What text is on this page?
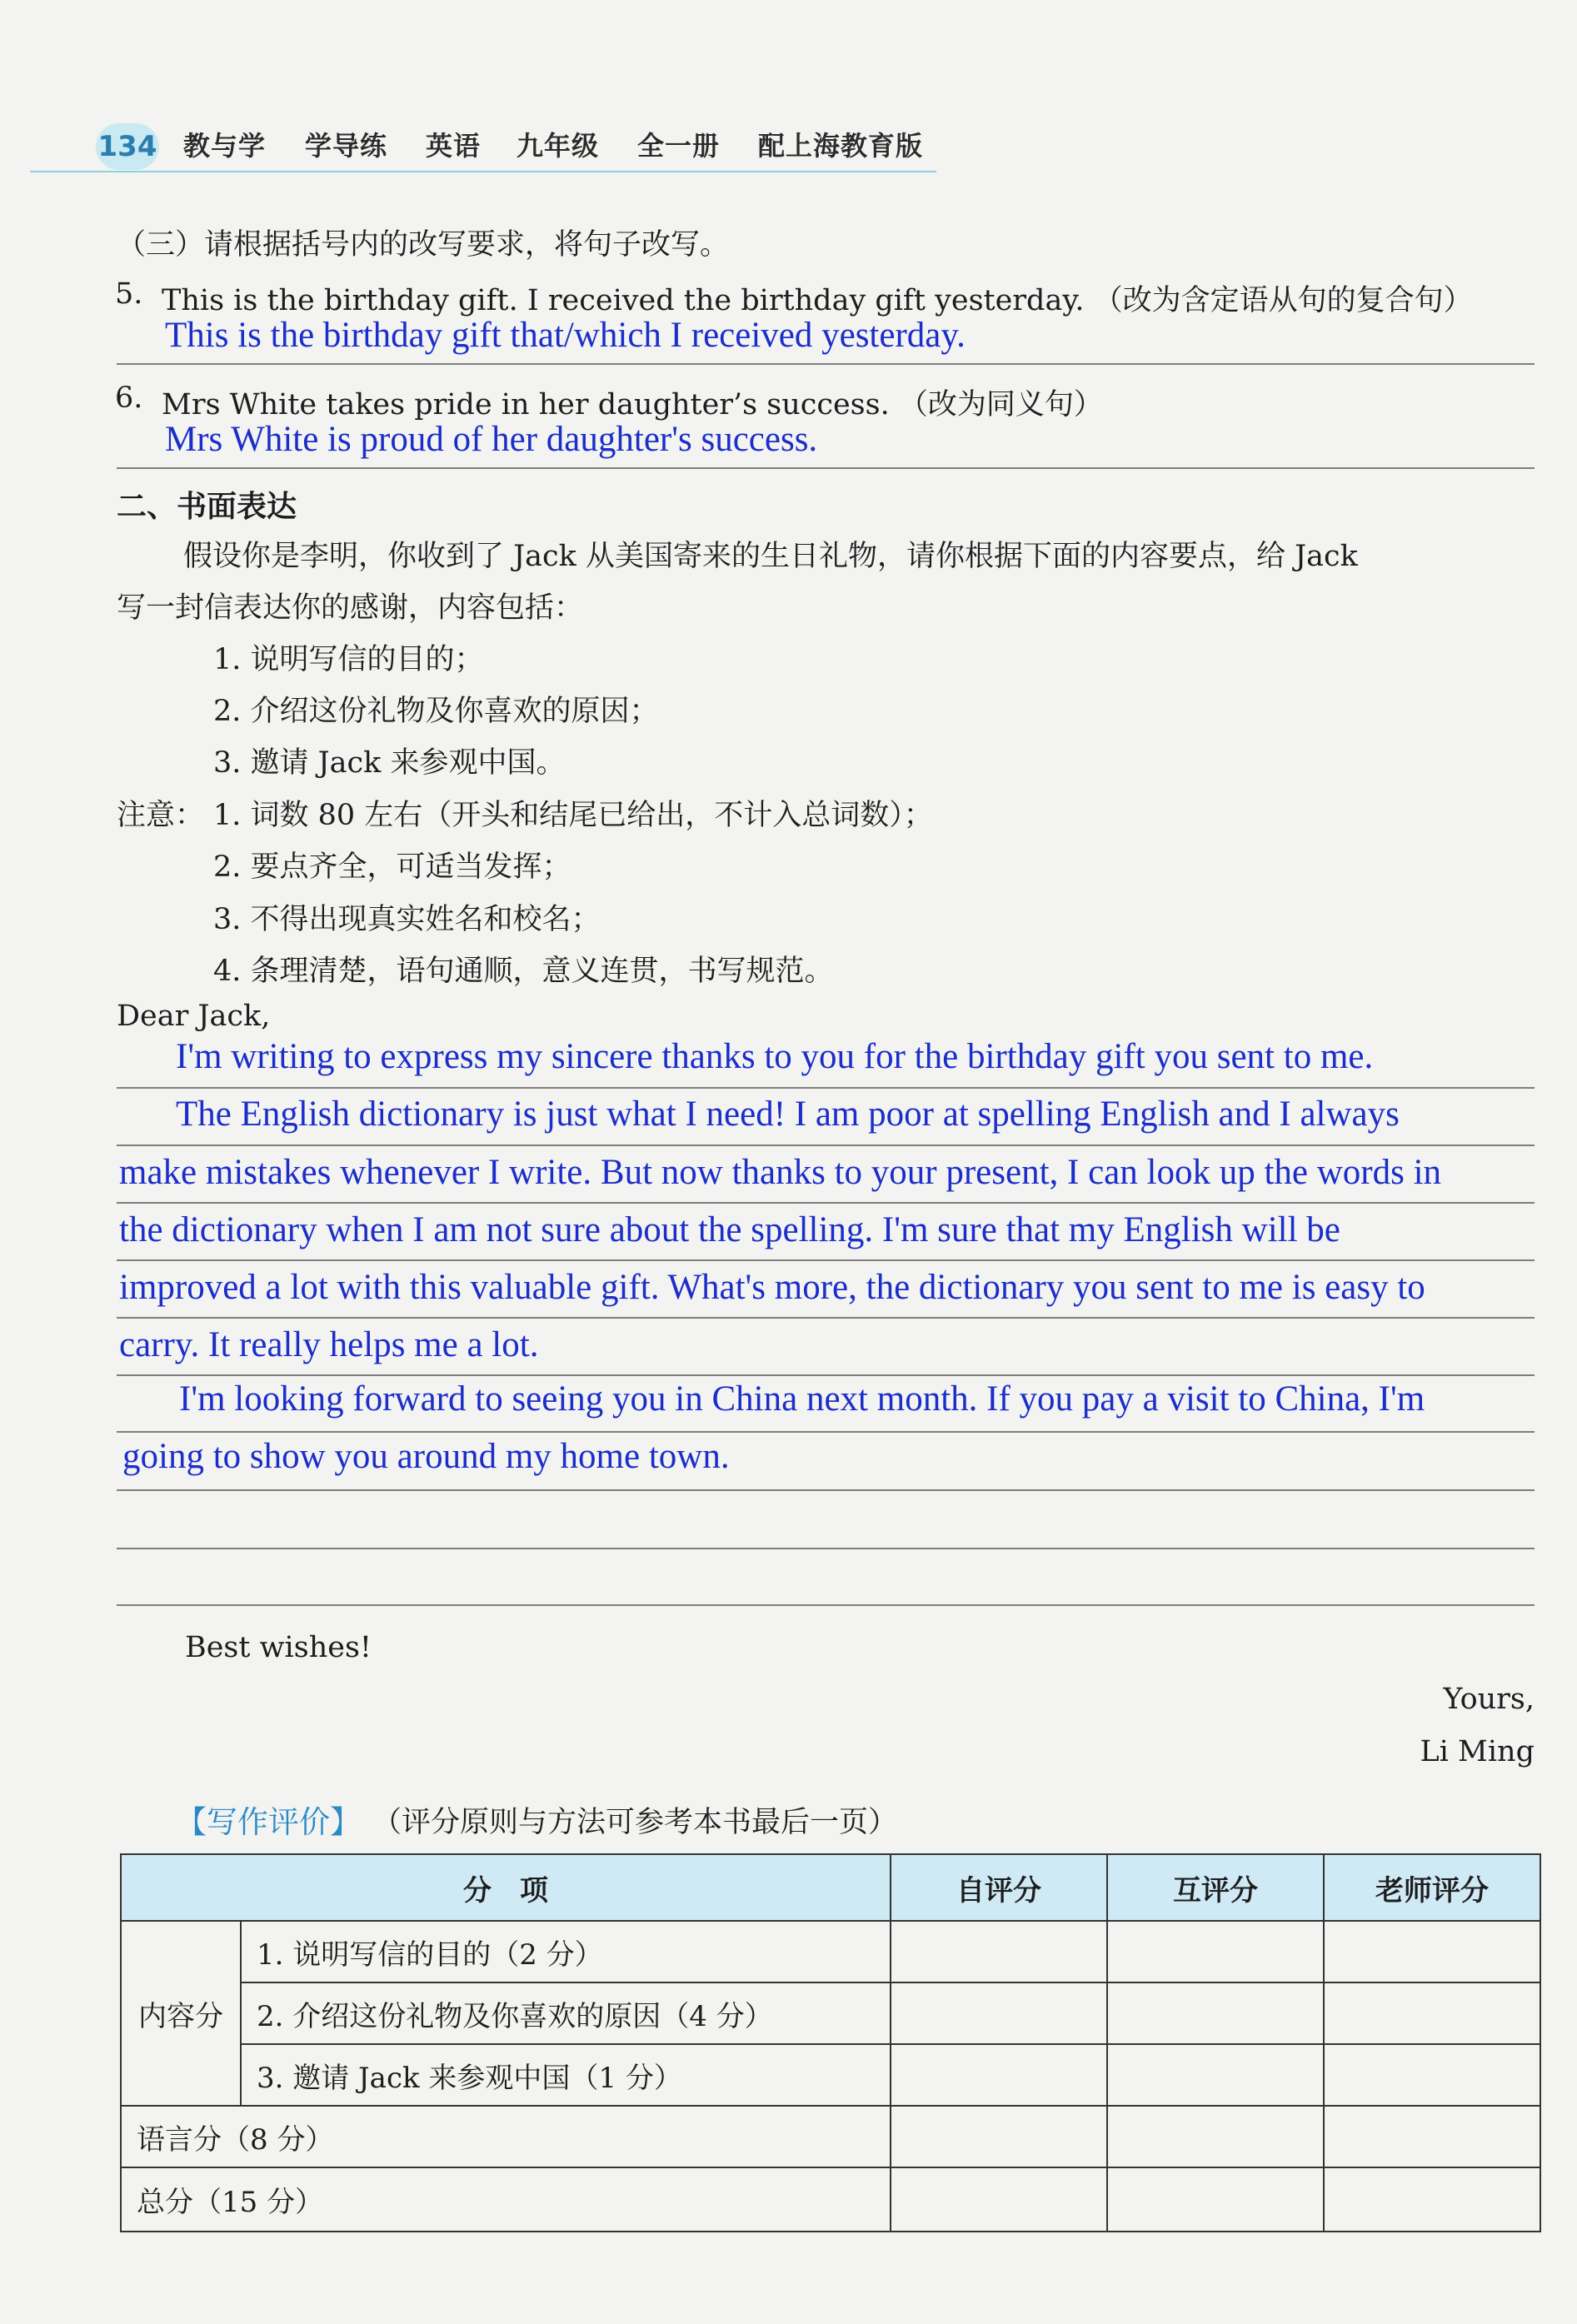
134 教与学 学导练 英语 九年级 全一册 配上海教育版
（三）请根据括号内的改写要求，将句子改写。
5. This is the birthday gift. I received the birthday gift yesterday. （改为含定语从句的复合句）
This is the birthday gift that/which I received yesterday.
6. Mrs White takes pride in her daughter’s success. （改为同义句）
Mrs White is proud of her daughter's success.
二、书面表达
假设你是李明，你收到了 Jack 从美国寄来的生日礼物，请你根据下面的内容要点，给 Jack
写一封信表达你的感谢，内容包括：
1. 说明写信的目的；
2. 介绍这份礼物及你喜欢的原因；
3. 邀请 Jack 来参观中国。
注意： 1. 词数 80 左右（开头和结尾已给出，不计入总词数）；
2. 要点齐全，可适当发挥；
3. 不得出现真实姓名和校名；
4. 条理清楚，语句通顺，意义连贯，书写规范。
Dear Jack,
I'm writing to express my sincere thanks to you for the birthday gift you sent to me.
The English dictionary is just what I need! I am poor at spelling English and I always
make mistakes whenever I write. But now thanks to your present, I can look up the words in
the dictionary when I am not sure about the spelling. I'm sure that my English will be
improved a lot with this valuable gift. What's more, the dictionary you sent to me is easy to
carry. It really helps me a lot.
I'm looking forward to seeing you in China next month. If you pay a visit to China, I'm
going to show you around my home town.
Best wishes!
Yours,
Li Ming
【写作评价】 （评分原则与方法可参考本书最后一页）
分　项		自评分	互评分	老师评分
内容分	1. 说明写信的目的（2 分）			
	2. 介绍这份礼物及你喜欢的原因（4 分）			
	3. 邀请 Jack 来参观中国（1 分）			
语言分（8 分）				
总分（15 分）				
